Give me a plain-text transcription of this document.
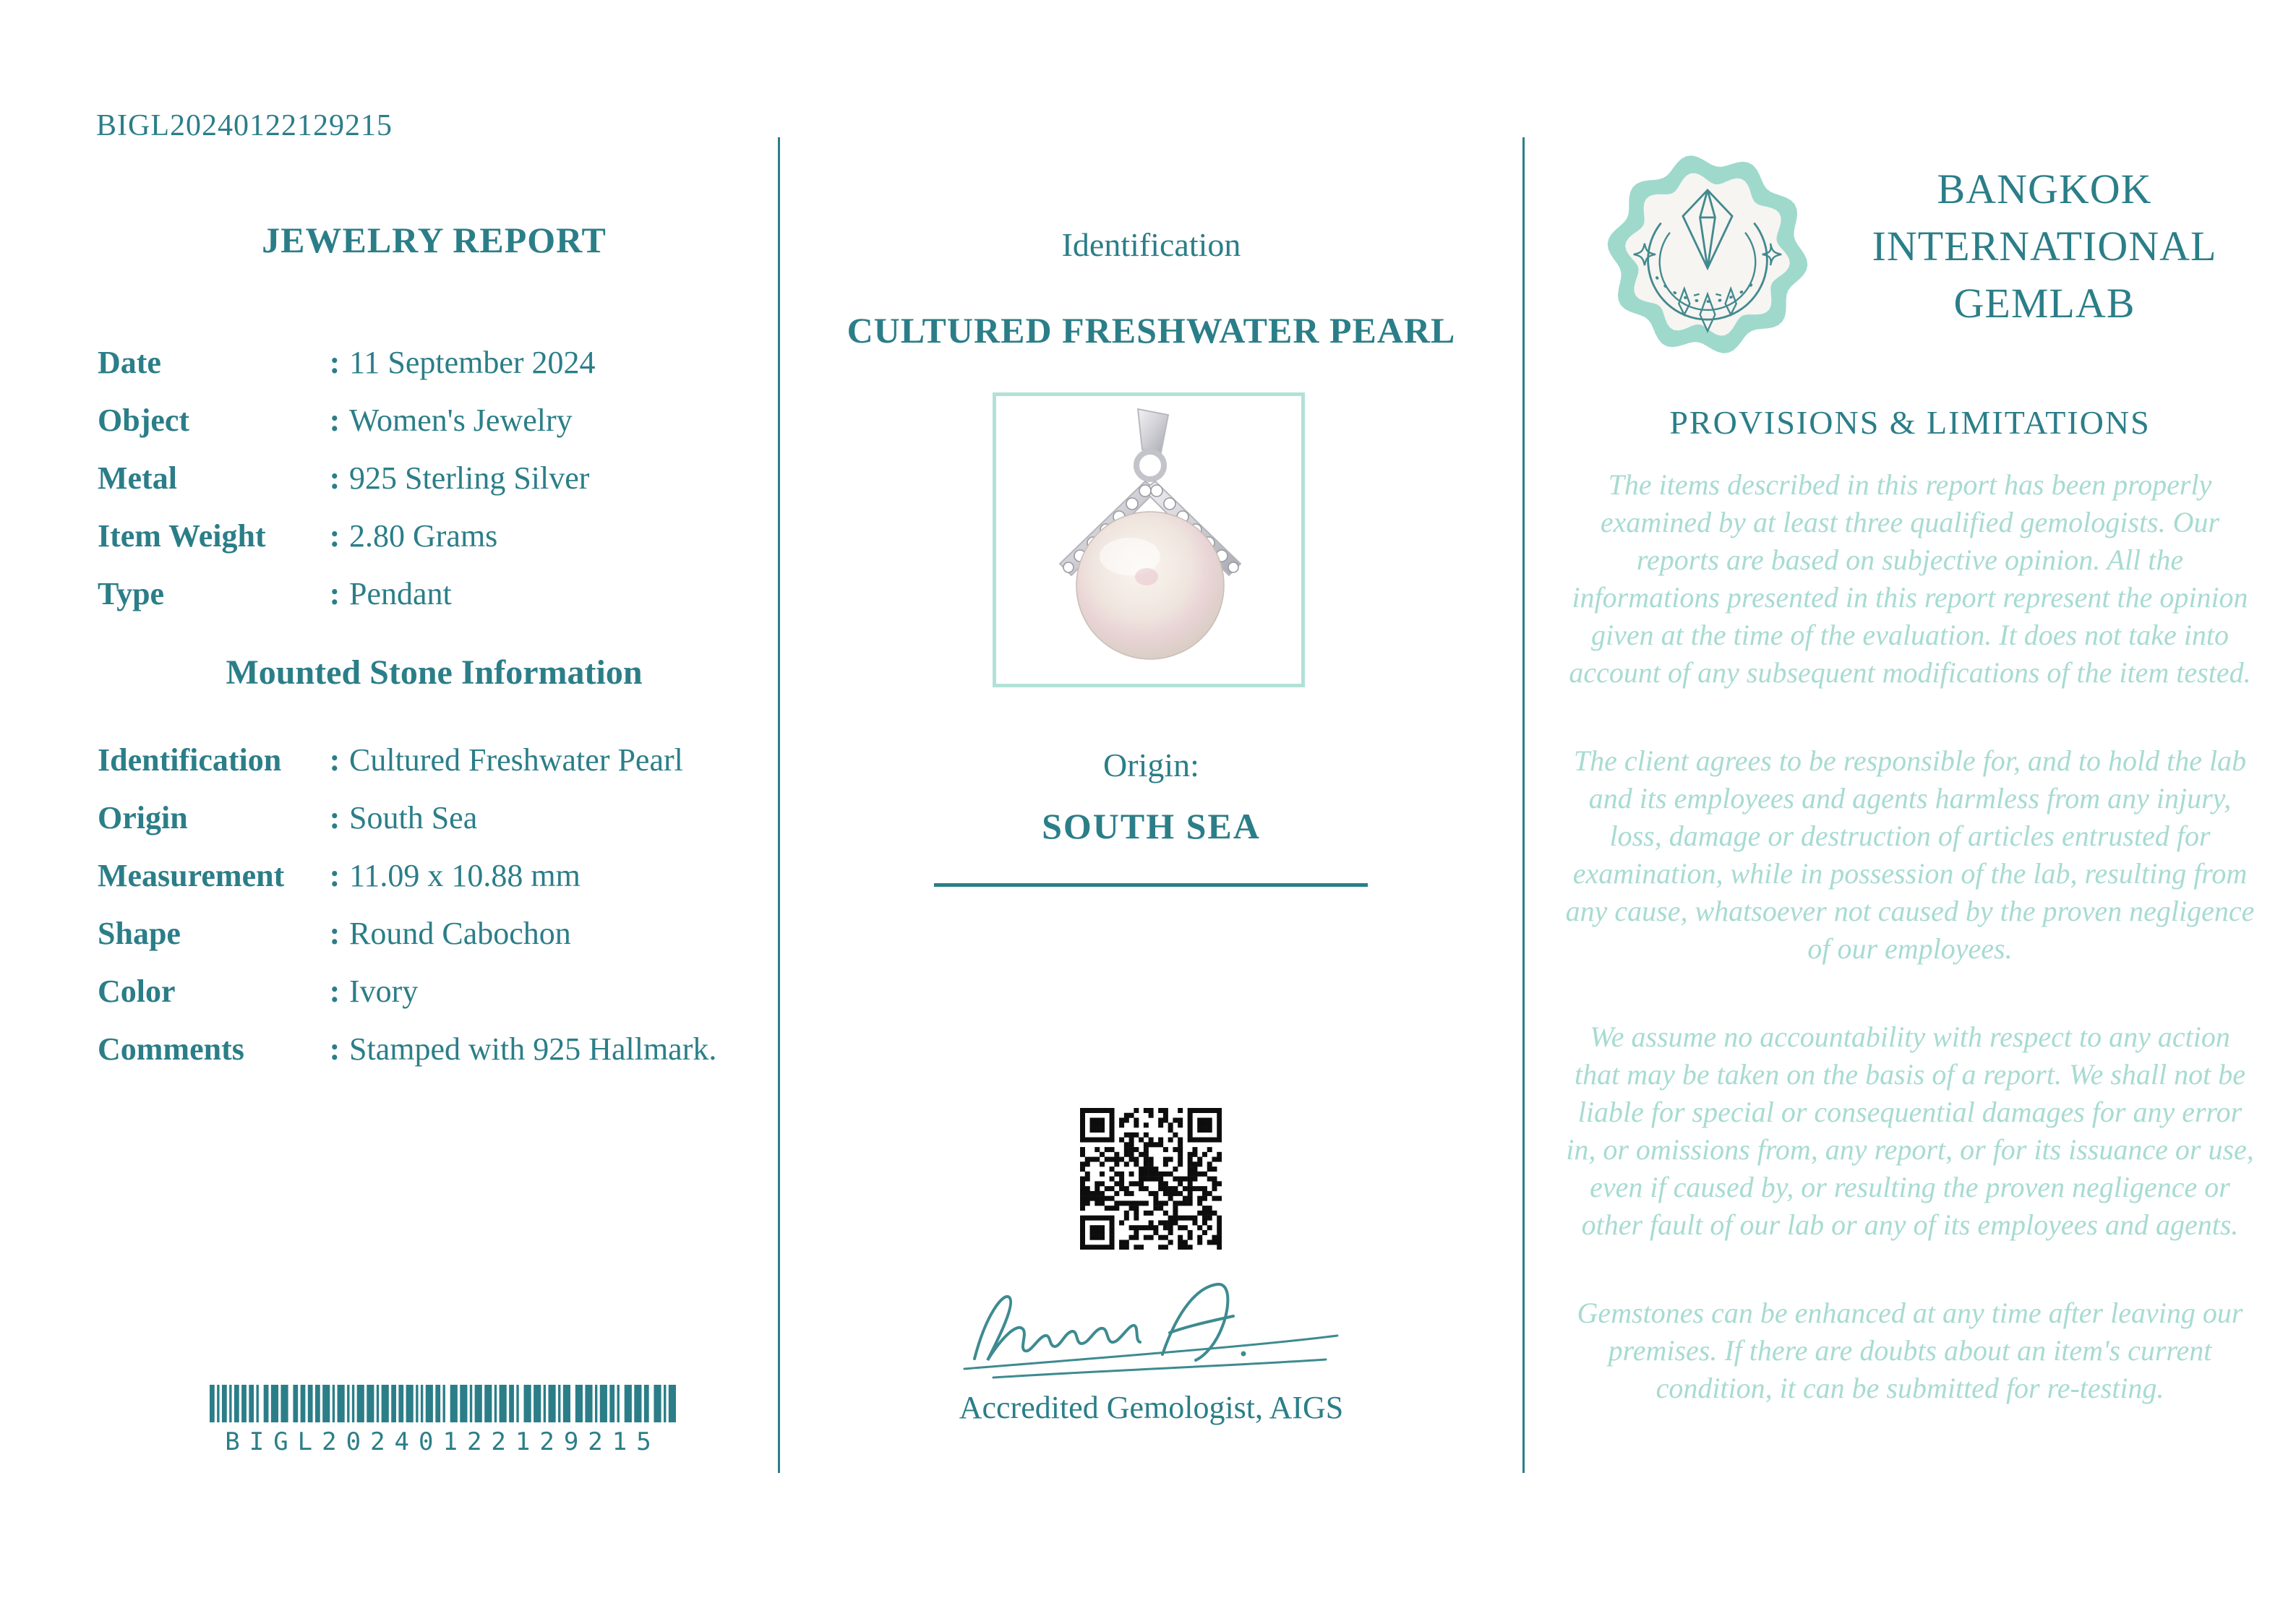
BIGL20240122129215
JEWELRY REPORT
Date	: 11 September 2024
Object	: Women's Jewelry
Metal	: 925 Sterling Silver
Item Weight	: 2.80 Grams
Type	: Pendant
Mounted Stone Information
Identification	: Cultured Freshwater Pearl
Origin	: South Sea
Measurement	: 11.09 x 10.88 mm
Shape	: Round Cabochon
Color	: Ivory
Comments	: Stamped with 925 Hallmark.
BIGL20240122129215
Identification
CULTURED FRESHWATER PEARL
Origin:
SOUTH SEA
Accredited Gemologist, AIGS
BANGKOK
INTERNATIONAL
GEMLAB
PROVISIONS & LIMITATIONS

The items described in this report has been properly examined by at least three qualified gemologists. Our reports are based on subjective opinion. All the informations presented in this report represent the opinion given at the time of the evaluation. It does not take into account of any subsequent modifications of the item tested.

The client agrees to be responsible for, and to hold the lab and its employees and agents harmless from any injury, loss, damage or destruction of articles entrusted for examination, while in possession of the lab, resulting from any cause, whatsoever not caused by the proven negligence of our employees.

We assume no accountability with respect to any action that may be taken on the basis of a report. We shall not be liable for special or consequential damages for any error in, or omissions from, any report, or for its issuance or use, even if caused by, or resulting the proven negligence or other fault of our lab or any of its employees and agents.

Gemstones can be enhanced at any time after leaving our premises. If there are doubts about an item's current condition, it can be submitted for re-testing.
